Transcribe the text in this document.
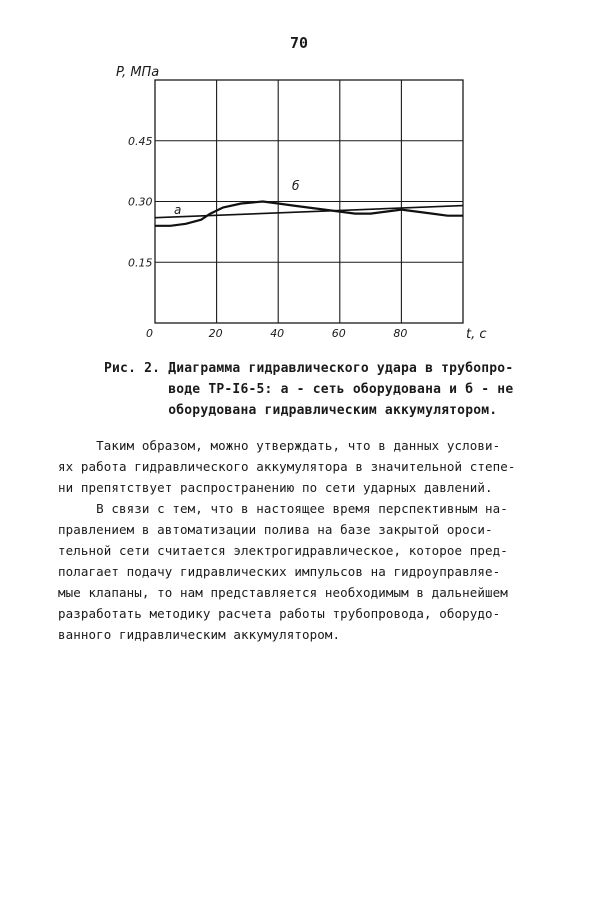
70
0
0.15
0.30
0.45
20	40	60	80
P, МПа
t, c
а
б
Рис. 2. Диаграмма гидравлического удара в трубопро-
воде ТР-I6-5: а - сеть оборудована и б - не
оборудована гидравлическим аккумулятором.
Таким образом, можно утверждать, что в данных услови-
ях работа гидравлического аккумулятора в значительной степе-
ни препятствует распространению по сети ударных давлений.
В связи с тем, что в настоящее время перспективным на-
правлением в автоматизации полива на базе закрытой ороси-
тельной сети считается электрогидравлическое, которое пред-
полагает подачу гидравлических импульсов на гидроуправляе-
мые клапаны, то нам представляется необходимым в дальнейшем
разработать методику расчета работы трубопровода, оборудо-
ванного гидравлическим аккумулятором.
